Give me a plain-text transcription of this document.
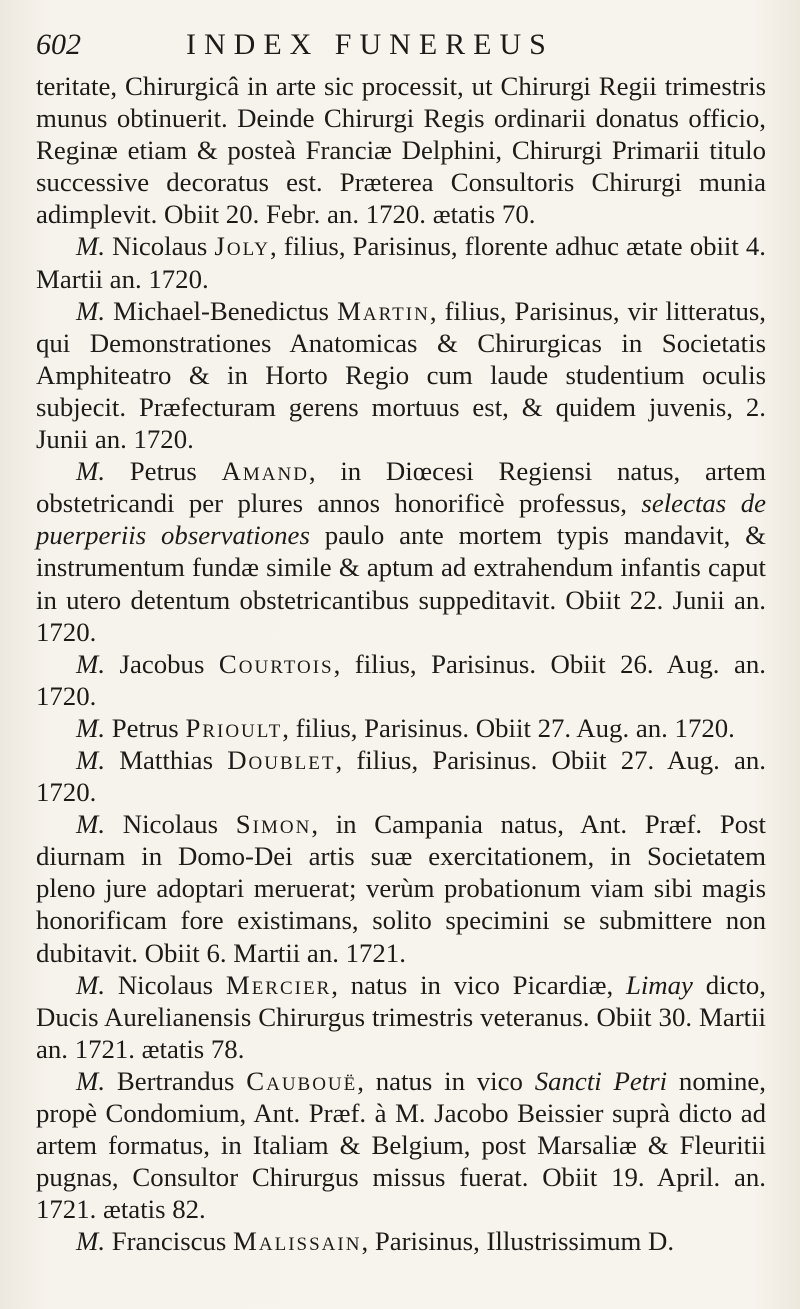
602	INDEX FUNEREUS

teritate, Chirurgicâ in arte sic processit, ut Chirurgi Regii trimestris munus obtinuerit. Deinde Chirurgi Regis ordinarii donatus officio, Reginæ etiam & posteà Franciæ Delphini, Chirurgi Primarii titulo successive decoratus est. Præterea Consultoris Chirurgi munia adimplevit. Obiit 20. Febr. an. 1720. ætatis 70.

M. Nicolaus Joly, filius, Parisinus, florente adhuc ætate obiit 4. Martii an. 1720.

M. Michael-Benedictus Martin, filius, Parisinus, vir litteratus, qui Demonstrationes Anatomicas & Chirurgicas in Societatis Amphiteatro & in Horto Regio cum laude studentium oculis subjecit. Præfecturam gerens mortuus est, & quidem juvenis, 2. Junii an. 1720.

M. Petrus Amand, in Diœcesi Regiensi natus, artem obstetricandi per plures annos honorificè professus, selectas de puerperiis observationes paulo ante mortem typis mandavit, & instrumentum fundæ simile & aptum ad extrahendum infantis caput in utero detentum obstetricantibus suppeditavit. Obiit 22. Junii an. 1720.

M. Jacobus Courtois, filius, Parisinus. Obiit 26. Aug. an. 1720.

M. Petrus Prioult, filius, Parisinus. Obiit 27. Aug. an. 1720.

M. Matthias Doublet, filius, Parisinus. Obiit 27. Aug. an. 1720.

M. Nicolaus Simon, in Campania natus, Ant. Præf. Post diurnam in Domo-Dei artis suæ exercitationem, in Societatem pleno jure adoptari meruerat; verùm probationum viam sibi magis honorificam fore existimans, solito specimini se submittere non dubitavit. Obiit 6. Martii an. 1721.

M. Nicolaus Mercier, natus in vico Picardiæ, Limay dicto, Ducis Aurelianensis Chirurgus trimestris veteranus. Obiit 30. Martii an. 1721. ætatis 78.

M. Bertrandus Caubouë, natus in vico Sancti Petri nomine, propè Condomium, Ant. Præf. à M. Jacobo Beissier suprà dicto ad artem formatus, in Italiam & Belgium, post Marsaliæ & Fleuritii pugnas, Consultor Chirurgus missus fuerat. Obiit 19. April. an. 1721. ætatis 82.

M. Franciscus Malissain, Parisinus, Illustrissimum D.
